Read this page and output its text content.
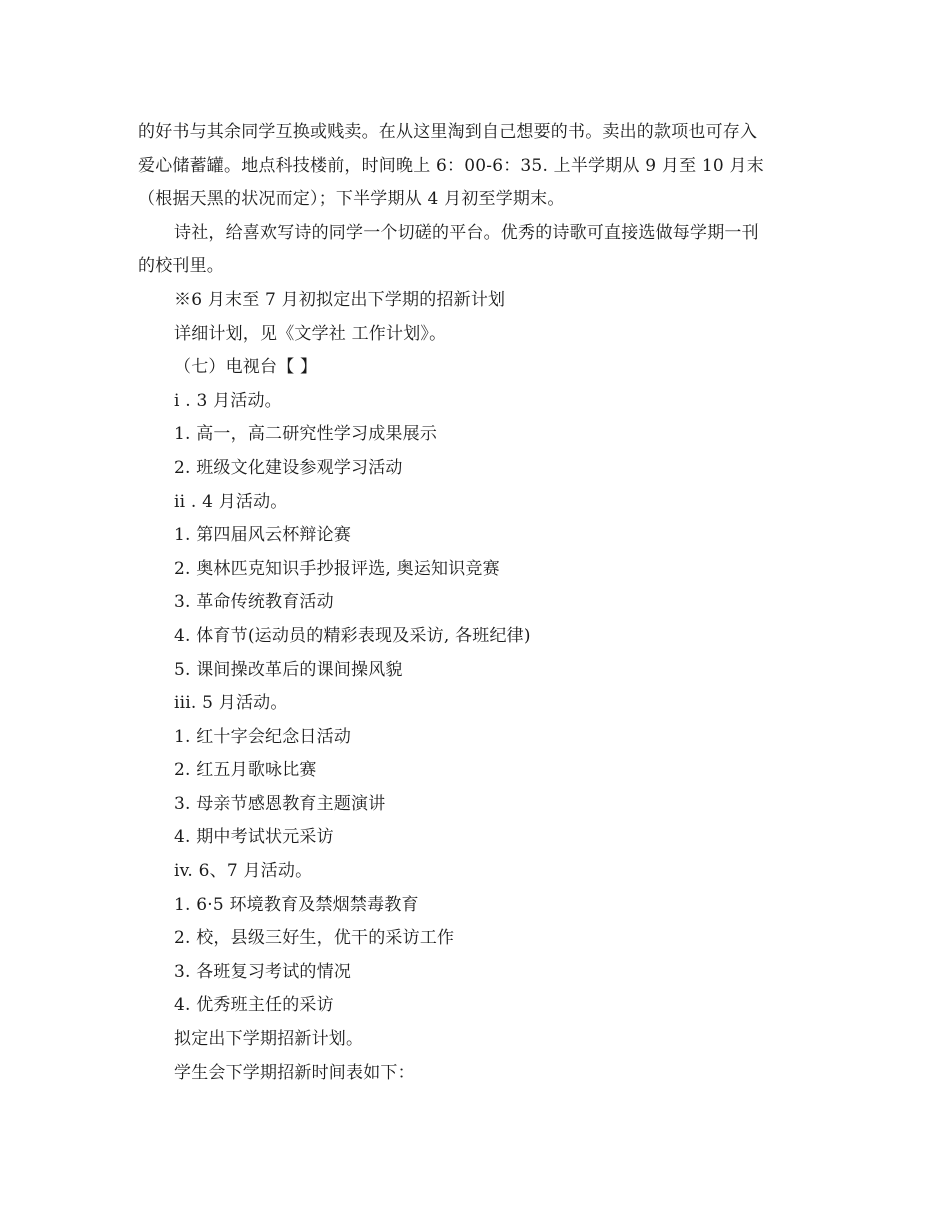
的好书与其余同学互换或贱卖。在从这里淘到自己想要的书。卖出的款项也可存入
爱心储蓄罐。地点科技楼前，时间晚上 6：00-6：35. 上半学期从 9 月至 10 月末
（根据天黑的状况而定）；下半学期从 4 月初至学期末。
诗社，给喜欢写诗的同学一个切磋的平台。优秀的诗歌可直接选做每学期一刊
的校刊里。
※6 月末至 7 月初拟定出下学期的招新计划
详细计划，见《文学社 工作计划》。
（七）电视台【 】
i . 3 月活动。
1. 高一，高二研究性学习成果展示
2. 班级文化建设参观学习活动
ii . 4 月活动。
1. 第四届风云杯辩论赛
2. 奥林匹克知识手抄报评选, 奥运知识竞赛
3. 革命传统教育活动
4. 体育节(运动员的精彩表现及采访, 各班纪律)
5. 课间操改革后的课间操风貌
iii. 5 月活动。
1. 红十字会纪念日活动
2. 红五月歌咏比赛
3. 母亲节感恩教育主题演讲
4. 期中考试状元采访
iv. 6、7 月活动。
1. 6·5 环境教育及禁烟禁毒教育
2. 校，县级三好生，优干的采访工作
3. 各班复习考试的情况
4. 优秀班主任的采访
拟定出下学期招新计划。
学生会下学期招新时间表如下：
